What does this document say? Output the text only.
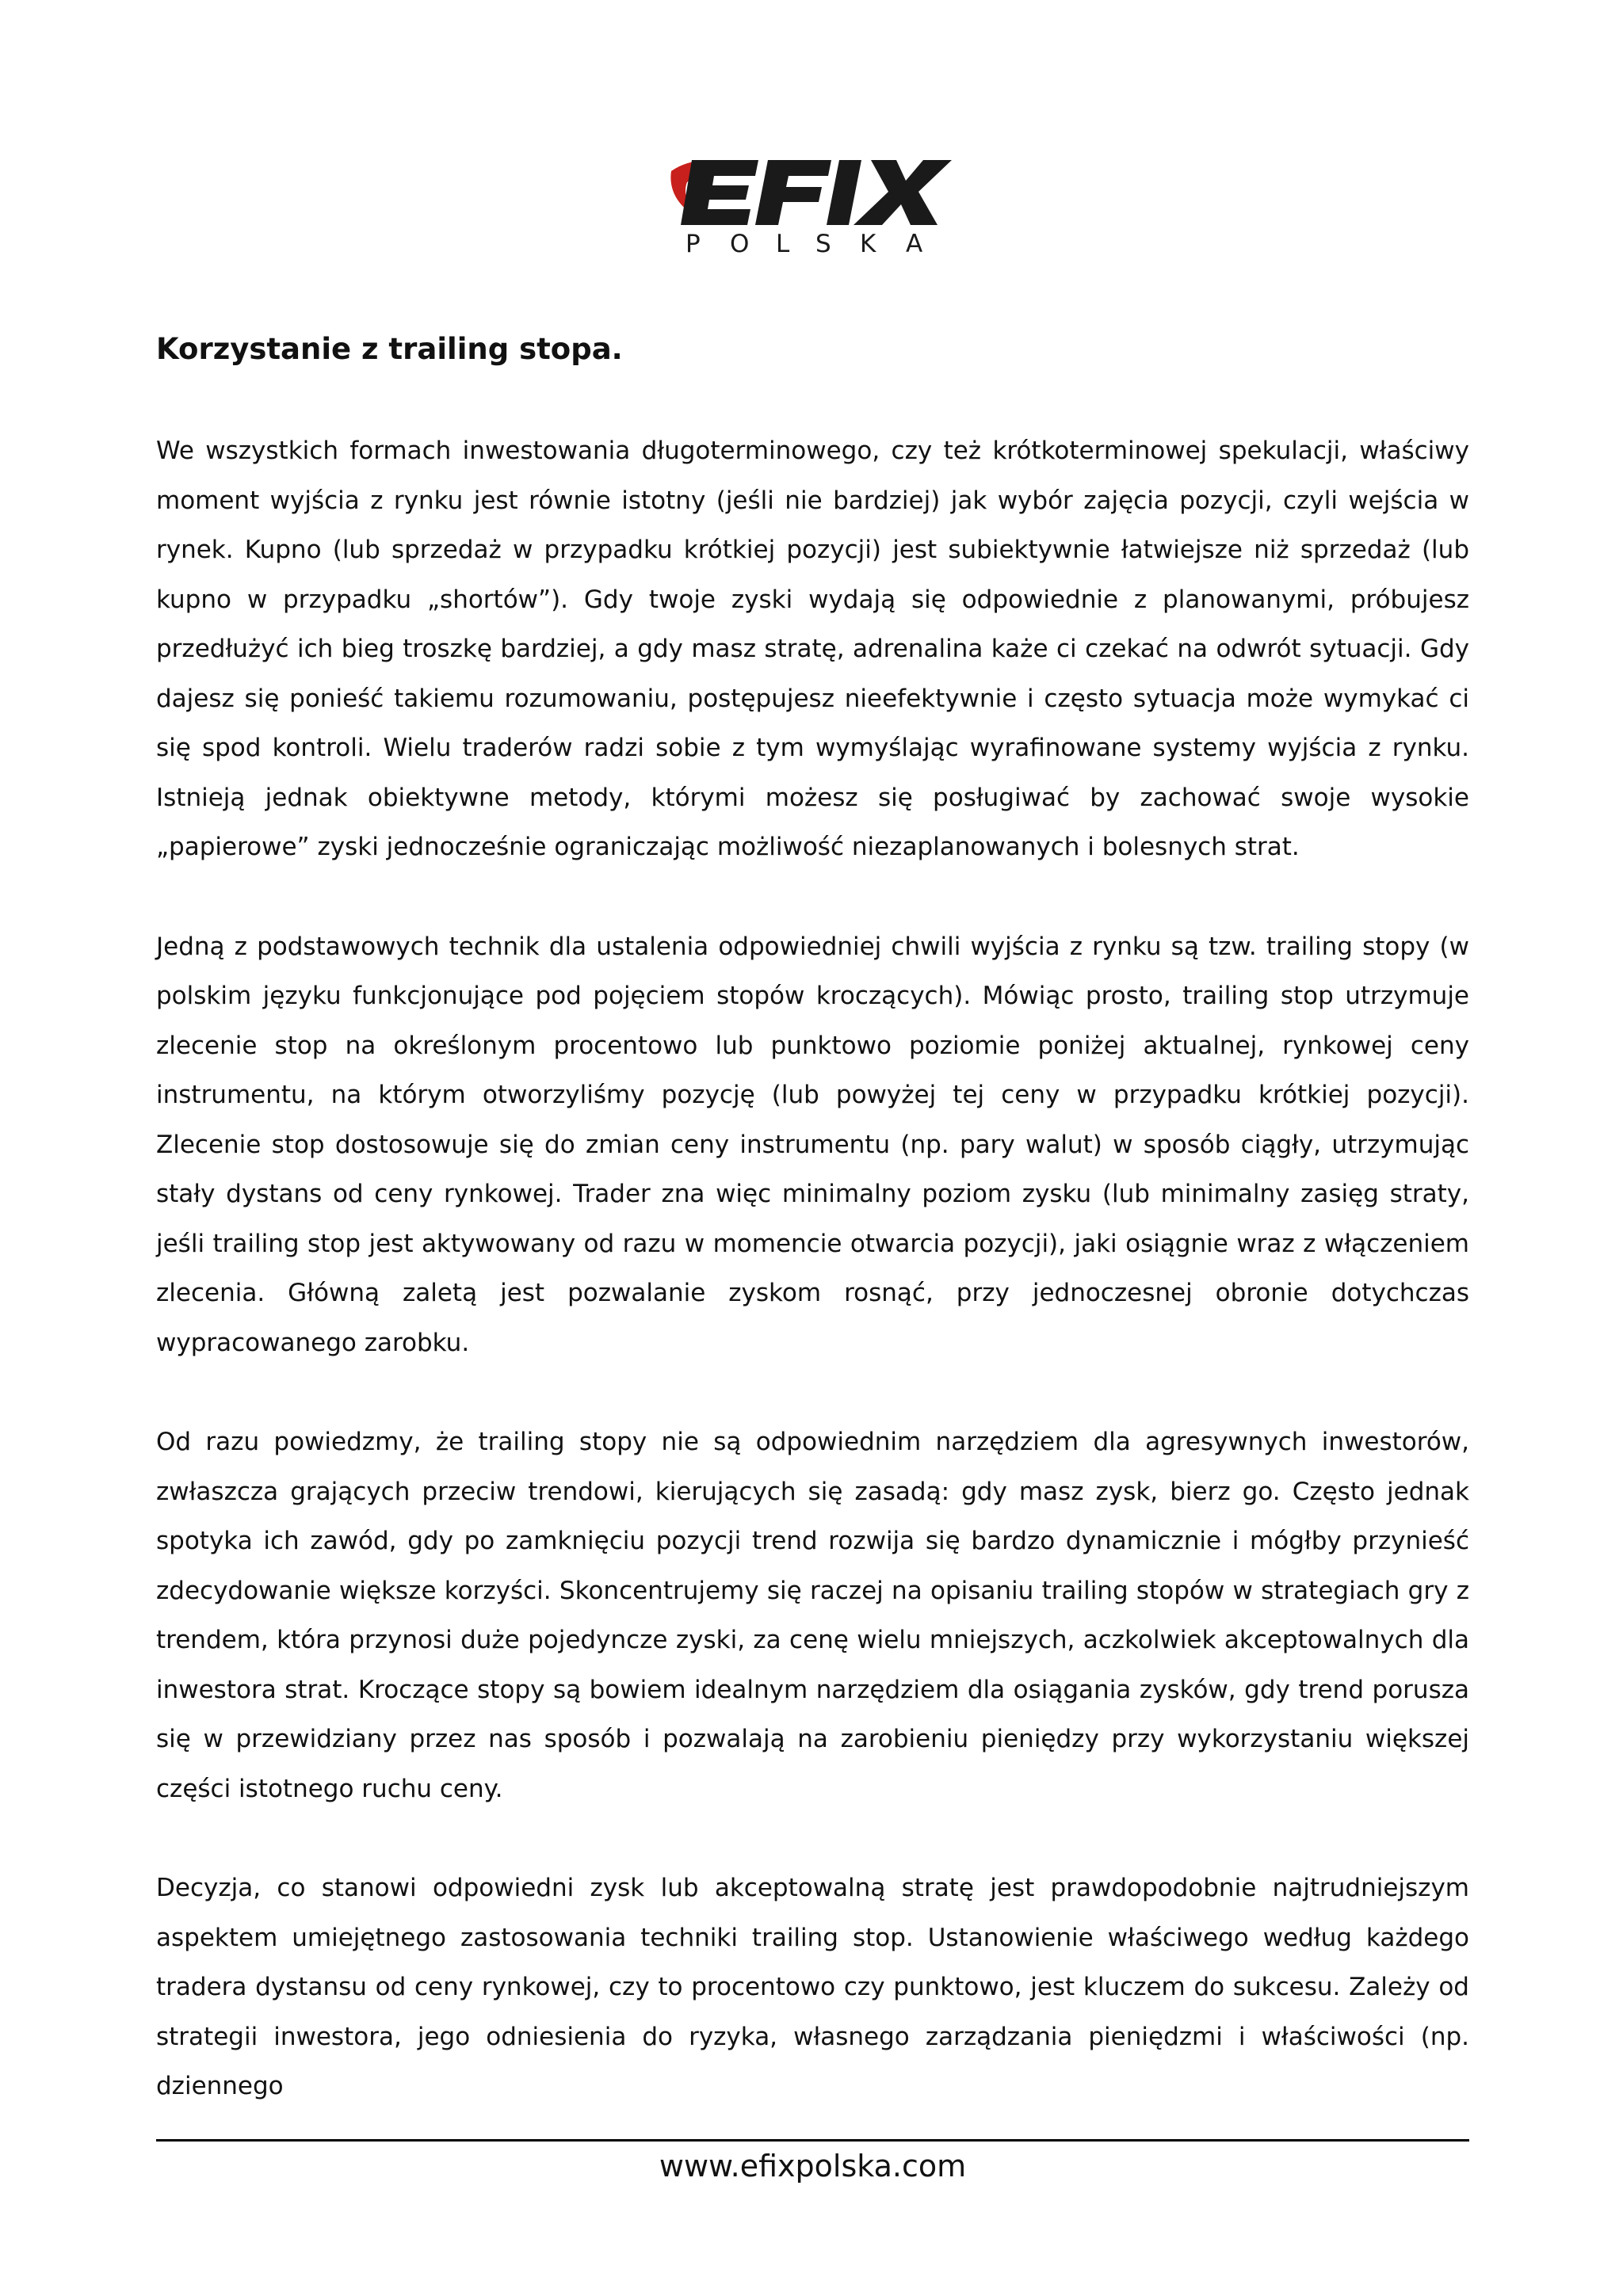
P O L S K A
Korzystanie z trailing stopa.

We wszystkich formach inwestowania długoterminowego, czy też krótkoterminowej spekulacji, właściwy moment wyjścia z rynku jest równie istotny (jeśli nie bardziej) jak wybór zajęcia pozycji, czyli wejścia w rynek. Kupno (lub sprzedaż w przypadku krótkiej pozycji) jest subiektywnie łatwiejsze niż sprzedaż (lub kupno w przypadku „shortów”). Gdy twoje zyski wydają się odpowiednie z planowanymi, próbujesz przedłużyć ich bieg troszkę bardziej, a gdy masz stratę, adrenalina każe ci czekać na odwrót sytuacji. Gdy dajesz się ponieść takiemu rozumowaniu, postępujesz nieefektywnie i często sytuacja może wymykać ci się spod kontroli. Wielu traderów radzi sobie z tym wymyślając wyrafinowane systemy wyjścia z rynku. Istnieją jednak obiektywne metody, którymi możesz się posługiwać by zachować swoje wysokie „papierowe” zyski jednocześnie ograniczając możliwość niezaplanowanych i bolesnych strat.

Jedną z podstawowych technik dla ustalenia odpowiedniej chwili wyjścia z rynku są tzw. trailing stopy (w polskim języku funkcjonujące pod pojęciem stopów kroczących). Mówiąc prosto, trailing stop utrzymuje zlecenie stop na określonym procentowo lub punktowo poziomie poniżej aktualnej, rynkowej ceny instrumentu, na którym otworzyliśmy pozycję (lub powyżej tej ceny w przypadku krótkiej pozycji). Zlecenie stop dostosowuje się do zmian ceny instrumentu (np. pary walut) w sposób ciągły, utrzymując stały dystans od ceny rynkowej. Trader zna więc minimalny poziom zysku (lub minimalny zasięg straty, jeśli trailing stop jest aktywowany od razu w momencie otwarcia pozycji), jaki osiągnie wraz z włączeniem zlecenia. Główną zaletą jest pozwalanie zyskom rosnąć, przy jednoczesnej obronie dotychczas wypracowanego zarobku.

Od razu powiedzmy, że trailing stopy nie są odpowiednim narzędziem dla agresywnych inwestorów, zwłaszcza grających przeciw trendowi, kierujących się zasadą: gdy masz zysk, bierz go. Często jednak spotyka ich zawód, gdy po zamknięciu pozycji trend rozwija się bardzo dynamicznie i mógłby przynieść zdecydowanie większe korzyści. Skoncentrujemy się raczej na opisaniu trailing stopów w strategiach gry z trendem, która przynosi duże pojedyncze zyski, za cenę wielu mniejszych, aczkolwiek akceptowalnych dla inwestora strat. Kroczące stopy są bowiem idealnym narzędziem dla osiągania zysków, gdy trend porusza się w przewidziany przez nas sposób i pozwalają na zarobieniu pieniędzy przy wykorzystaniu większej części istotnego ruchu ceny.

Decyzja, co stanowi odpowiedni zysk lub akceptowalną stratę jest prawdopodobnie najtrudniejszym aspektem umiejętnego zastosowania techniki trailing stop. Ustanowienie właściwego według każdego tradera dystansu od ceny rynkowej, czy to procentowo czy punktowo, jest kluczem do sukcesu. Zależy od strategii inwestora, jego odniesienia do ryzyka, własnego zarządzania pieniędzmi i właściwości (np. dziennego

www.efixpolska.com
